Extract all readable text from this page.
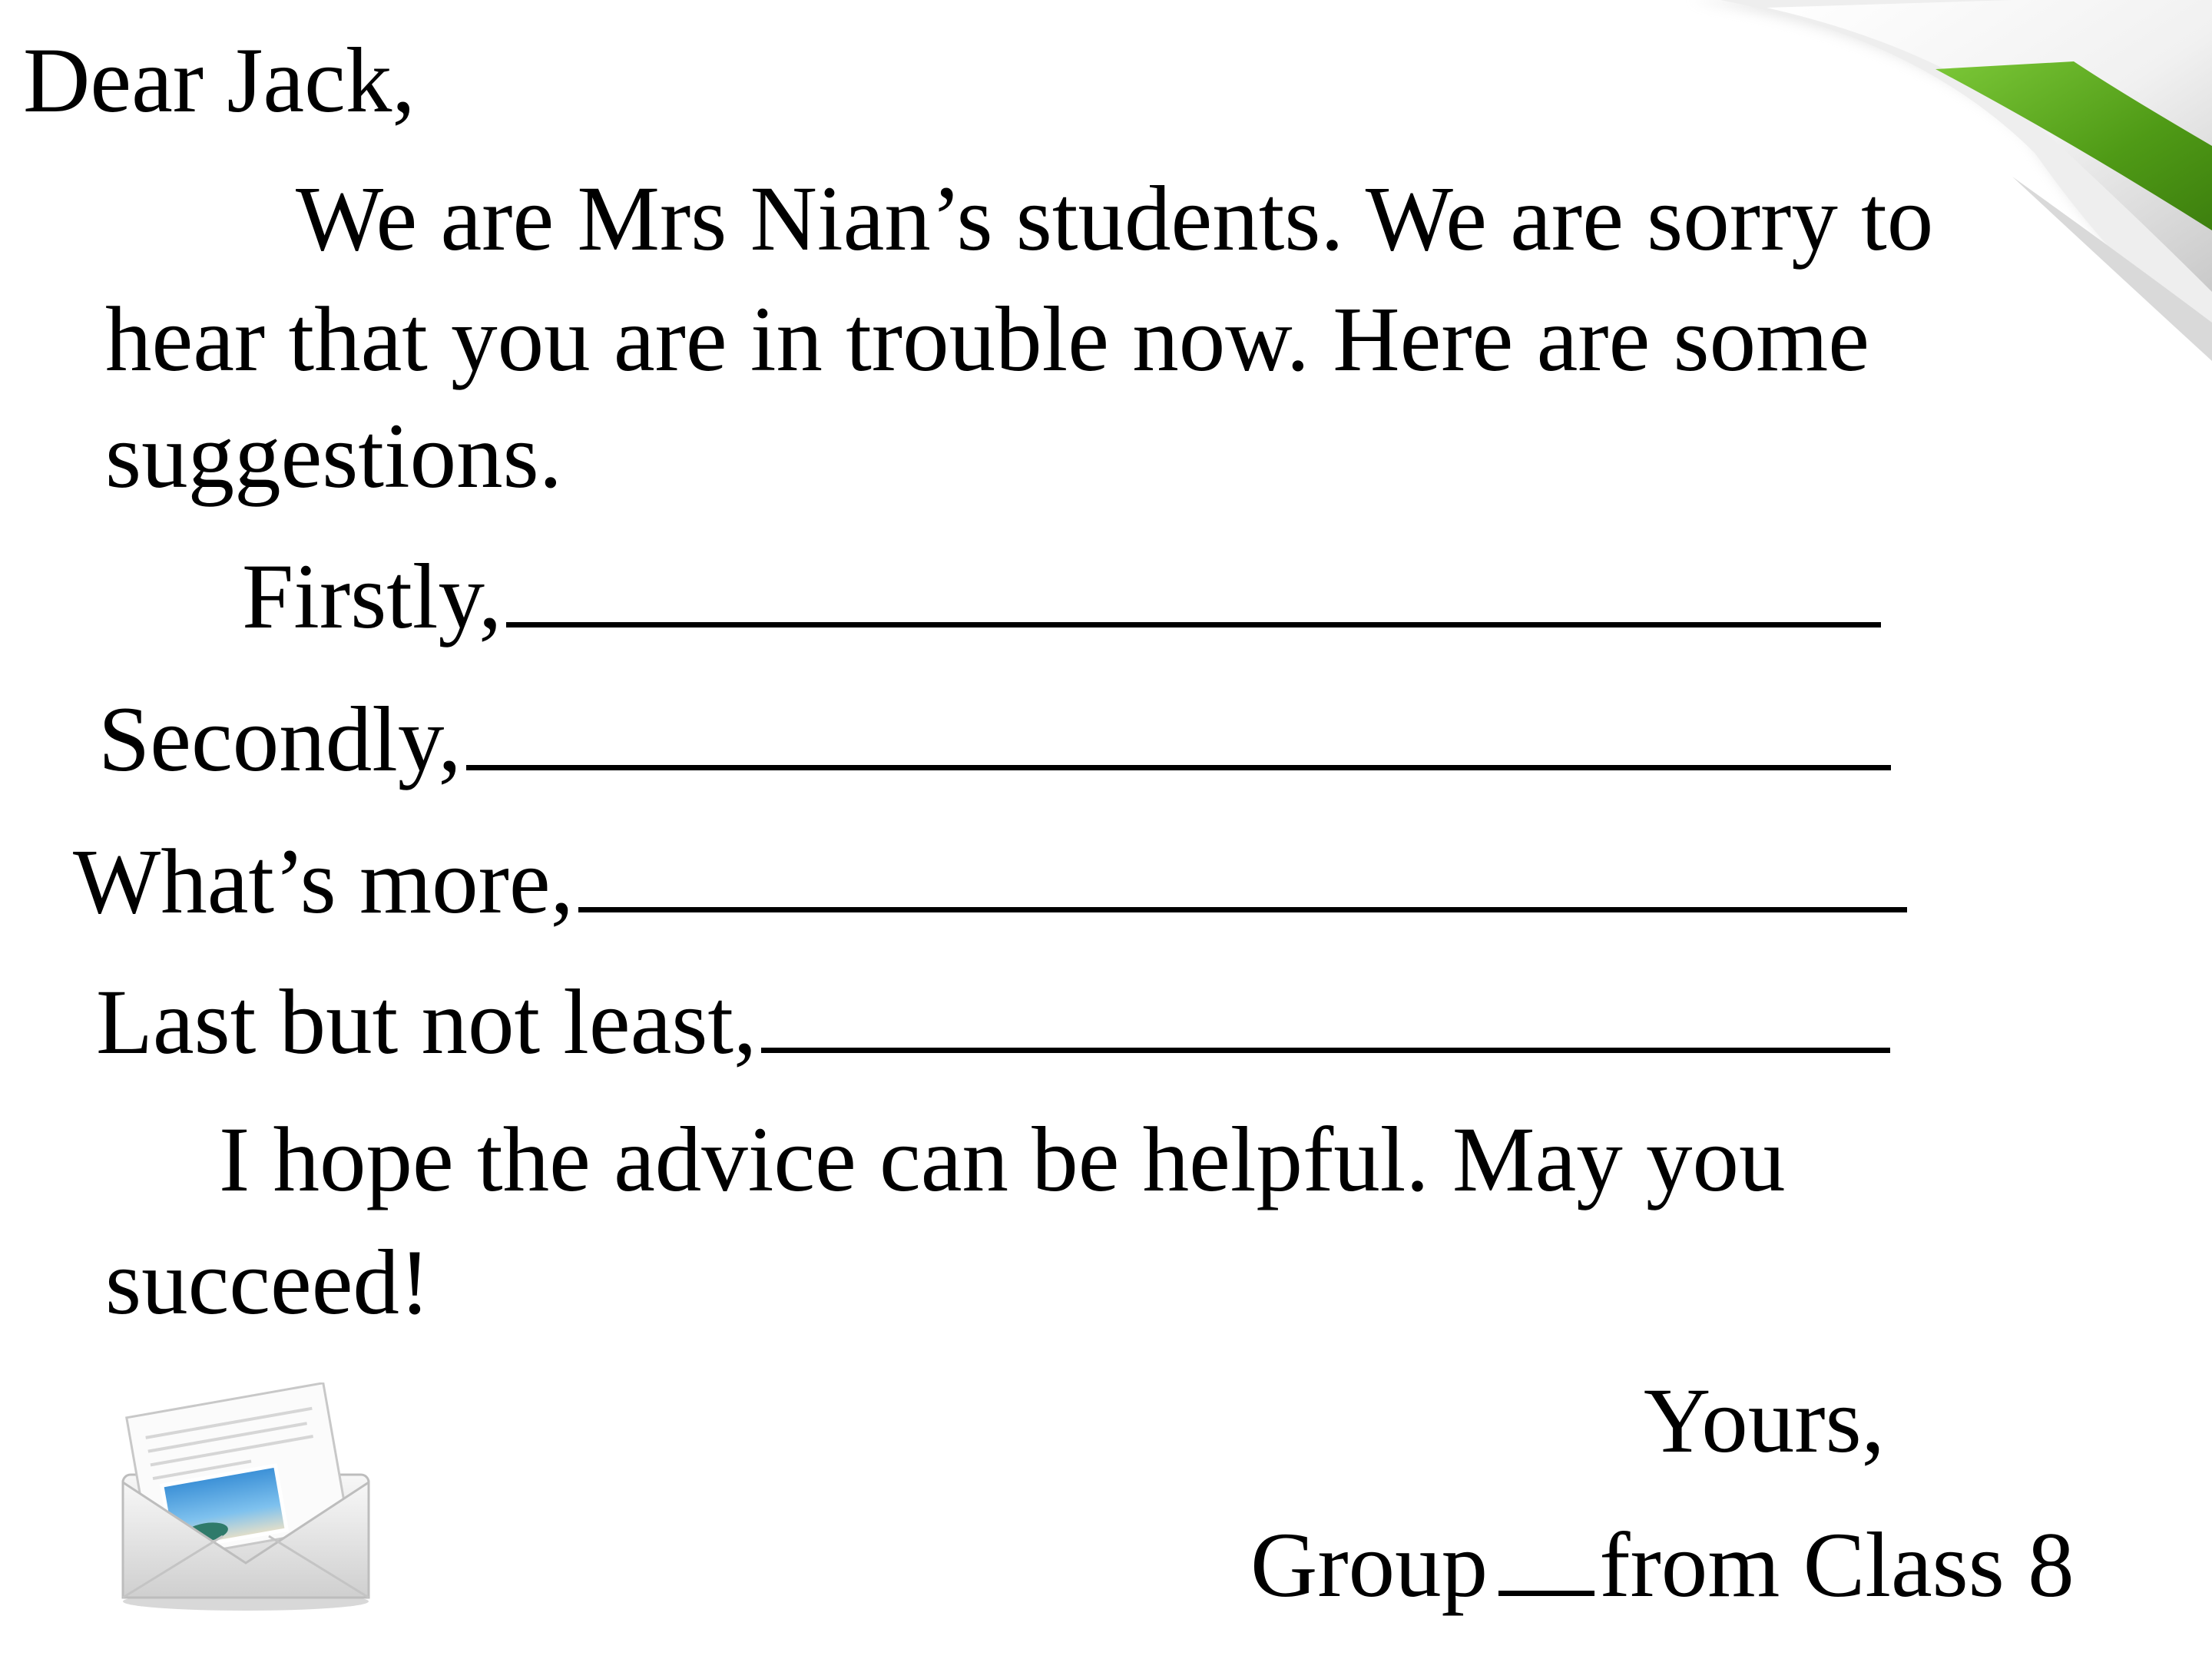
Dear Jack,

We are Mrs Nian’s students. We are sorry to

hear that you are in trouble now. Here are some

suggestions.

Firstly,

Secondly,

What’s more,

Last but not least,

I hope the advice can be helpful. May you

succeed!

Yours,

Group from Class 8
